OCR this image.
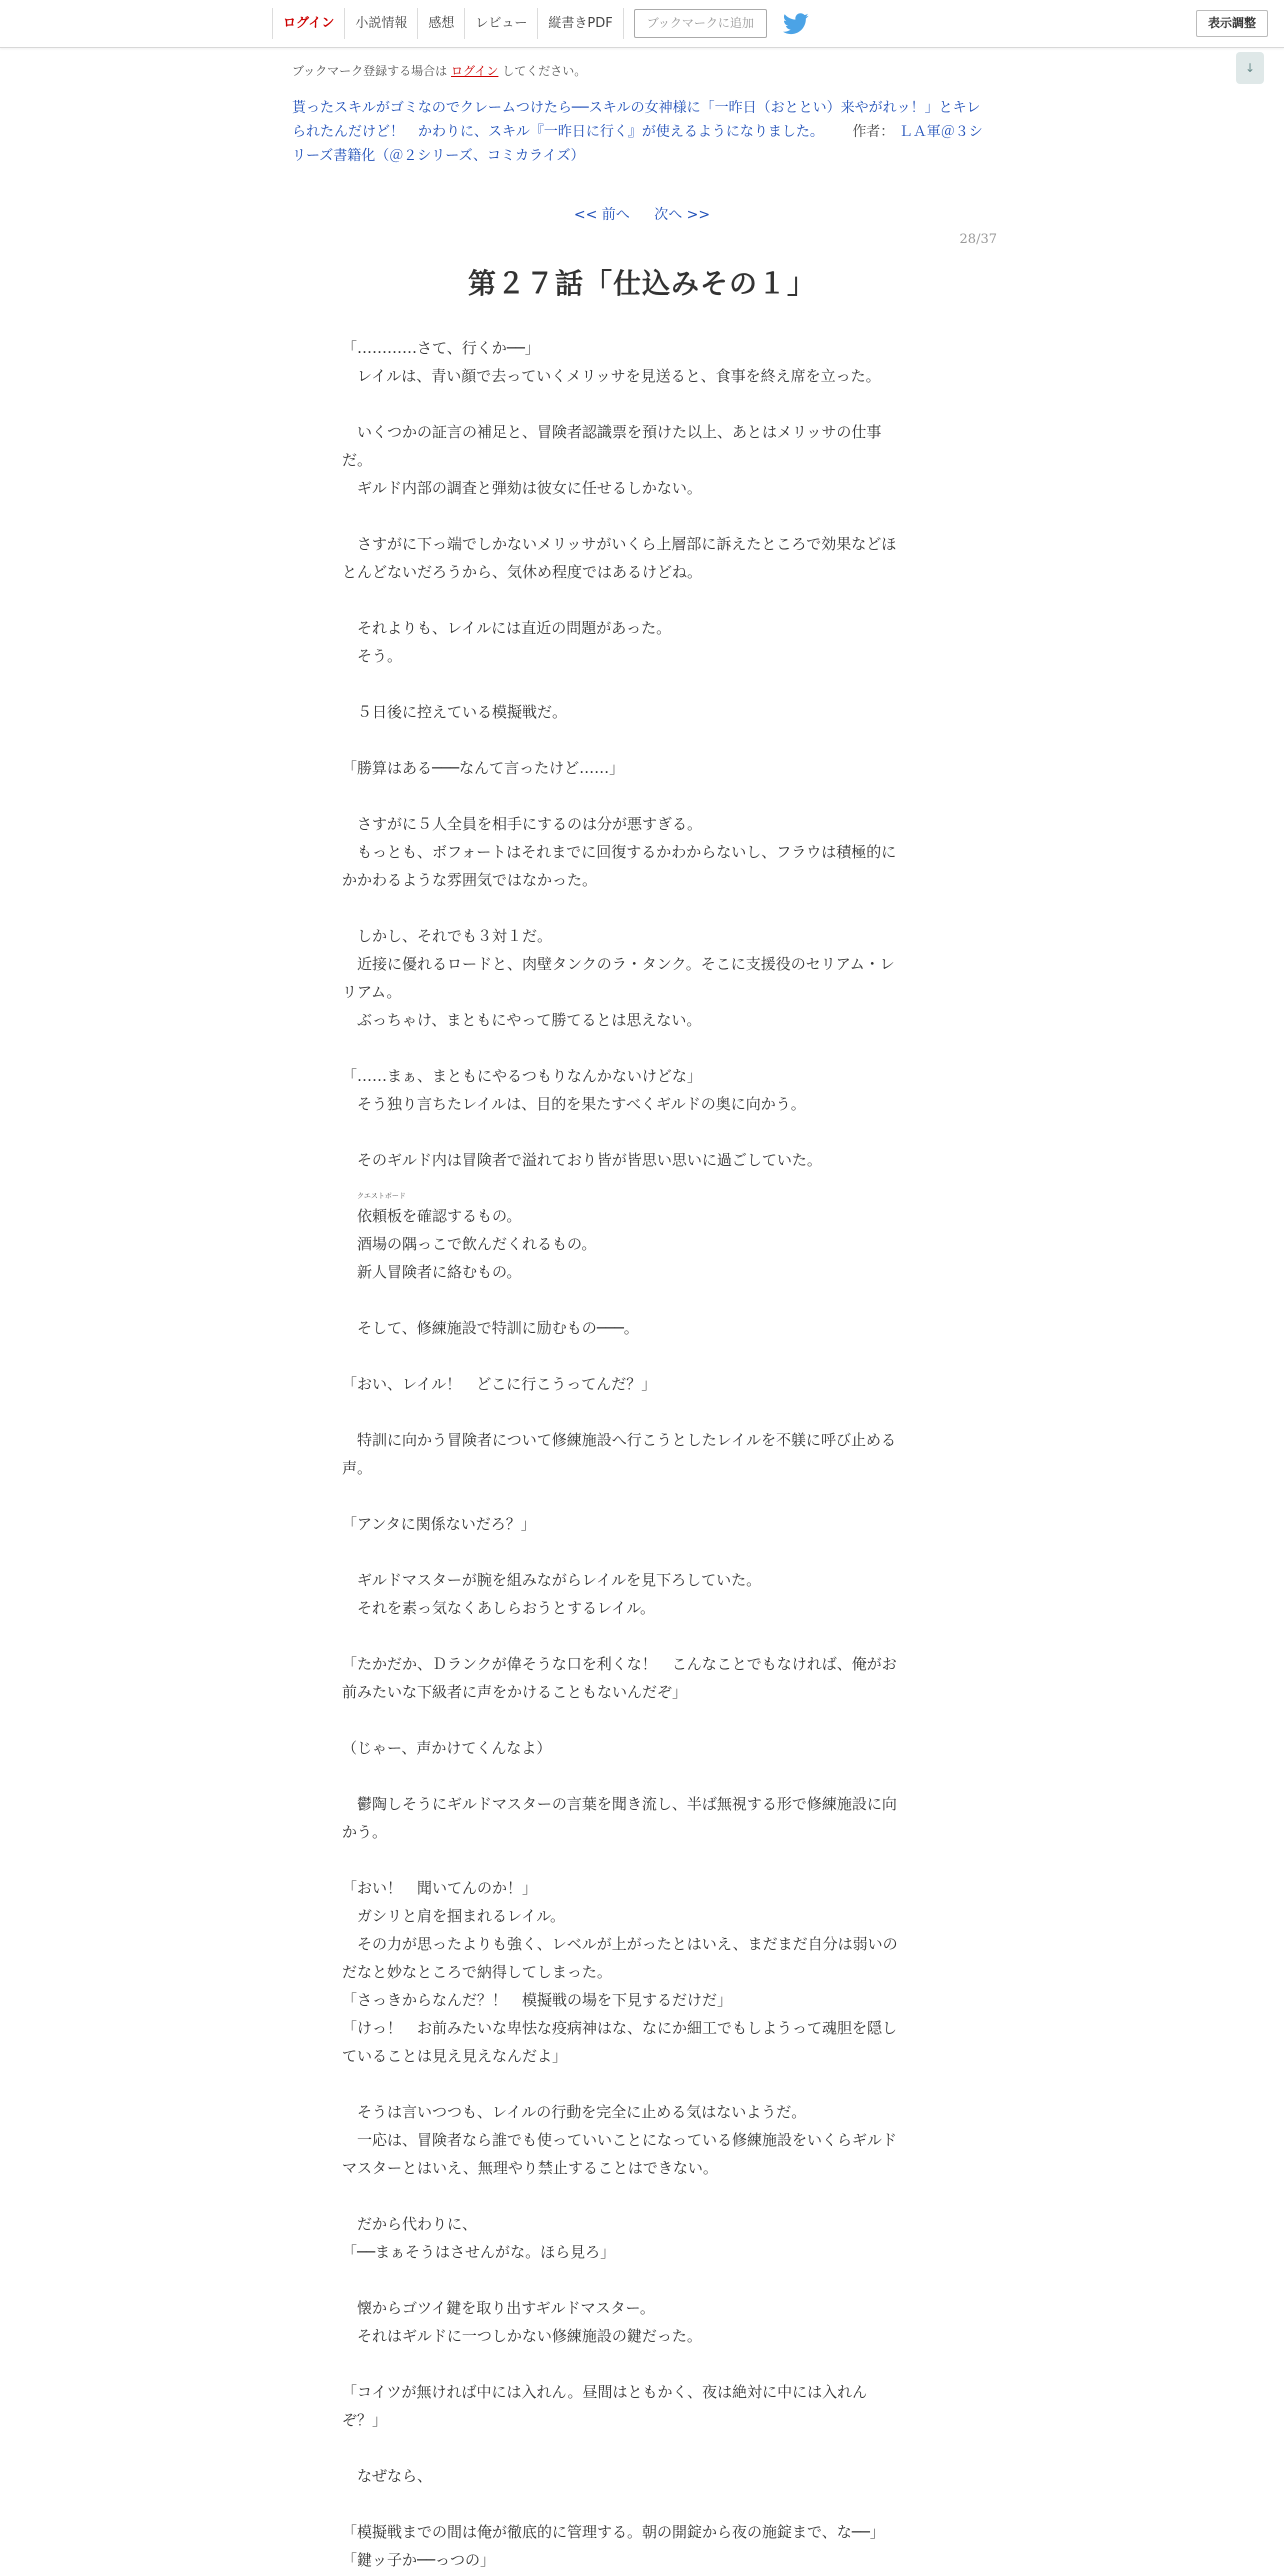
ログイン	小説情報	感想	レビュー	縦書きPDF	ブックマークに追加	表示調整
↓
ブックマーク登録する場合は ログイン してください。
貰ったスキルがゴミなのでクレームつけたら──スキルの女神様に「一昨日（おととい）来やがれッ！」とキレられたんだけど！　かわりに、スキル『一昨日に行く』が使えるようになりました。 作者： ＬＡ軍＠３シリーズ書籍化（＠２シリーズ、コミカライズ）
<< 前へ 次へ >>
28/37
第２７話「仕込みその１」
「…………さて、行くか──」
　レイルは、青い顔で去っていくメリッサを見送ると、食事を終え席を立った。
　いくつかの証言の補足と、冒険者認識票を預けた以上、あとはメリッサの仕事
だ。
　ギルド内部の調査と弾劾は彼女に任せるしかない。
　さすがに下っ端でしかないメリッサがいくら上層部に訴えたところで効果などほ
とんどないだろうから、気休め程度ではあるけどね。
　それよりも、レイルには直近の問題があった。
　そう。
　５日後に控えている模擬戦だ。
「勝算はある───なんて言ったけど……」
　さすがに５人全員を相手にするのは分が悪すぎる。
　もっとも、ボフォートはそれまでに回復するかわからないし、フラウは積極的に
かかわるような雰囲気ではなかった。
　しかし、それでも３対１だ。
　近接に優れるロードと、肉壁タンクのラ・タンク。そこに支援役のセリアム・レ
リアム。
　ぶっちゃけ、まともにやって勝てるとは思えない。
「……まぁ、まともにやるつもりなんかないけどな」
　そう独り言ちたレイルは、目的を果たすべくギルドの奥に向かう。
　そのギルド内は冒険者で溢れており皆が皆思い思いに過ごしていた。

クエストボード
依頼板を確認するもの。
　酒場の隅っこで飲んだくれるもの。
　新人冒険者に絡むもの。
　そして、修練施設で特訓に励むもの───。
「おい、レイル！　どこに行こうってんだ？」
　特訓に向かう冒険者について修練施設へ行こうとしたレイルを不躾に呼び止める
声。
「アンタに関係ないだろ？」
　ギルドマスターが腕を組みながらレイルを見下ろしていた。
　それを素っ気なくあしらおうとするレイル。
「たかだか、Ｄランクが偉そうな口を利くな！　こんなことでもなければ、俺がお
前みたいな下級者に声をかけることもないんだぞ」
（じゃー、声かけてくんなよ）
　鬱陶しそうにギルドマスターの言葉を聞き流し、半ば無視する形で修練施設に向
かう。
「おい！　聞いてんのか！」
　ガシリと肩を掴まれるレイル。
　その力が思ったよりも強く、レベルが上がったとはいえ、まだまだ自分は弱いの
だなと妙なところで納得してしまった。
「さっきからなんだ？！　模擬戦の場を下見するだけだ」
「けっ！　お前みたいな卑怯な疫病神はな、なにか細工でもしようって魂胆を隠し
ていることは見え見えなんだよ」
　そうは言いつつも、レイルの行動を完全に止める気はないようだ。
　一応は、冒険者なら誰でも使っていいことになっている修練施設をいくらギルド
マスターとはいえ、無理やり禁止することはできない。
　だから代わりに、
「──まぁそうはさせんがな。ほら見ろ」
　懐からゴツイ鍵を取り出すギルドマスター。
　それはギルドに一つしかない修練施設の鍵だった。
「コイツが無ければ中には入れん。昼間はともかく、夜は絶対に中には入れん
ぞ？」
　なぜなら、
「模擬戦までの間は俺が徹底的に管理する。朝の開錠から夜の施錠まで、な──」
「鍵ッ子か──っつの」
